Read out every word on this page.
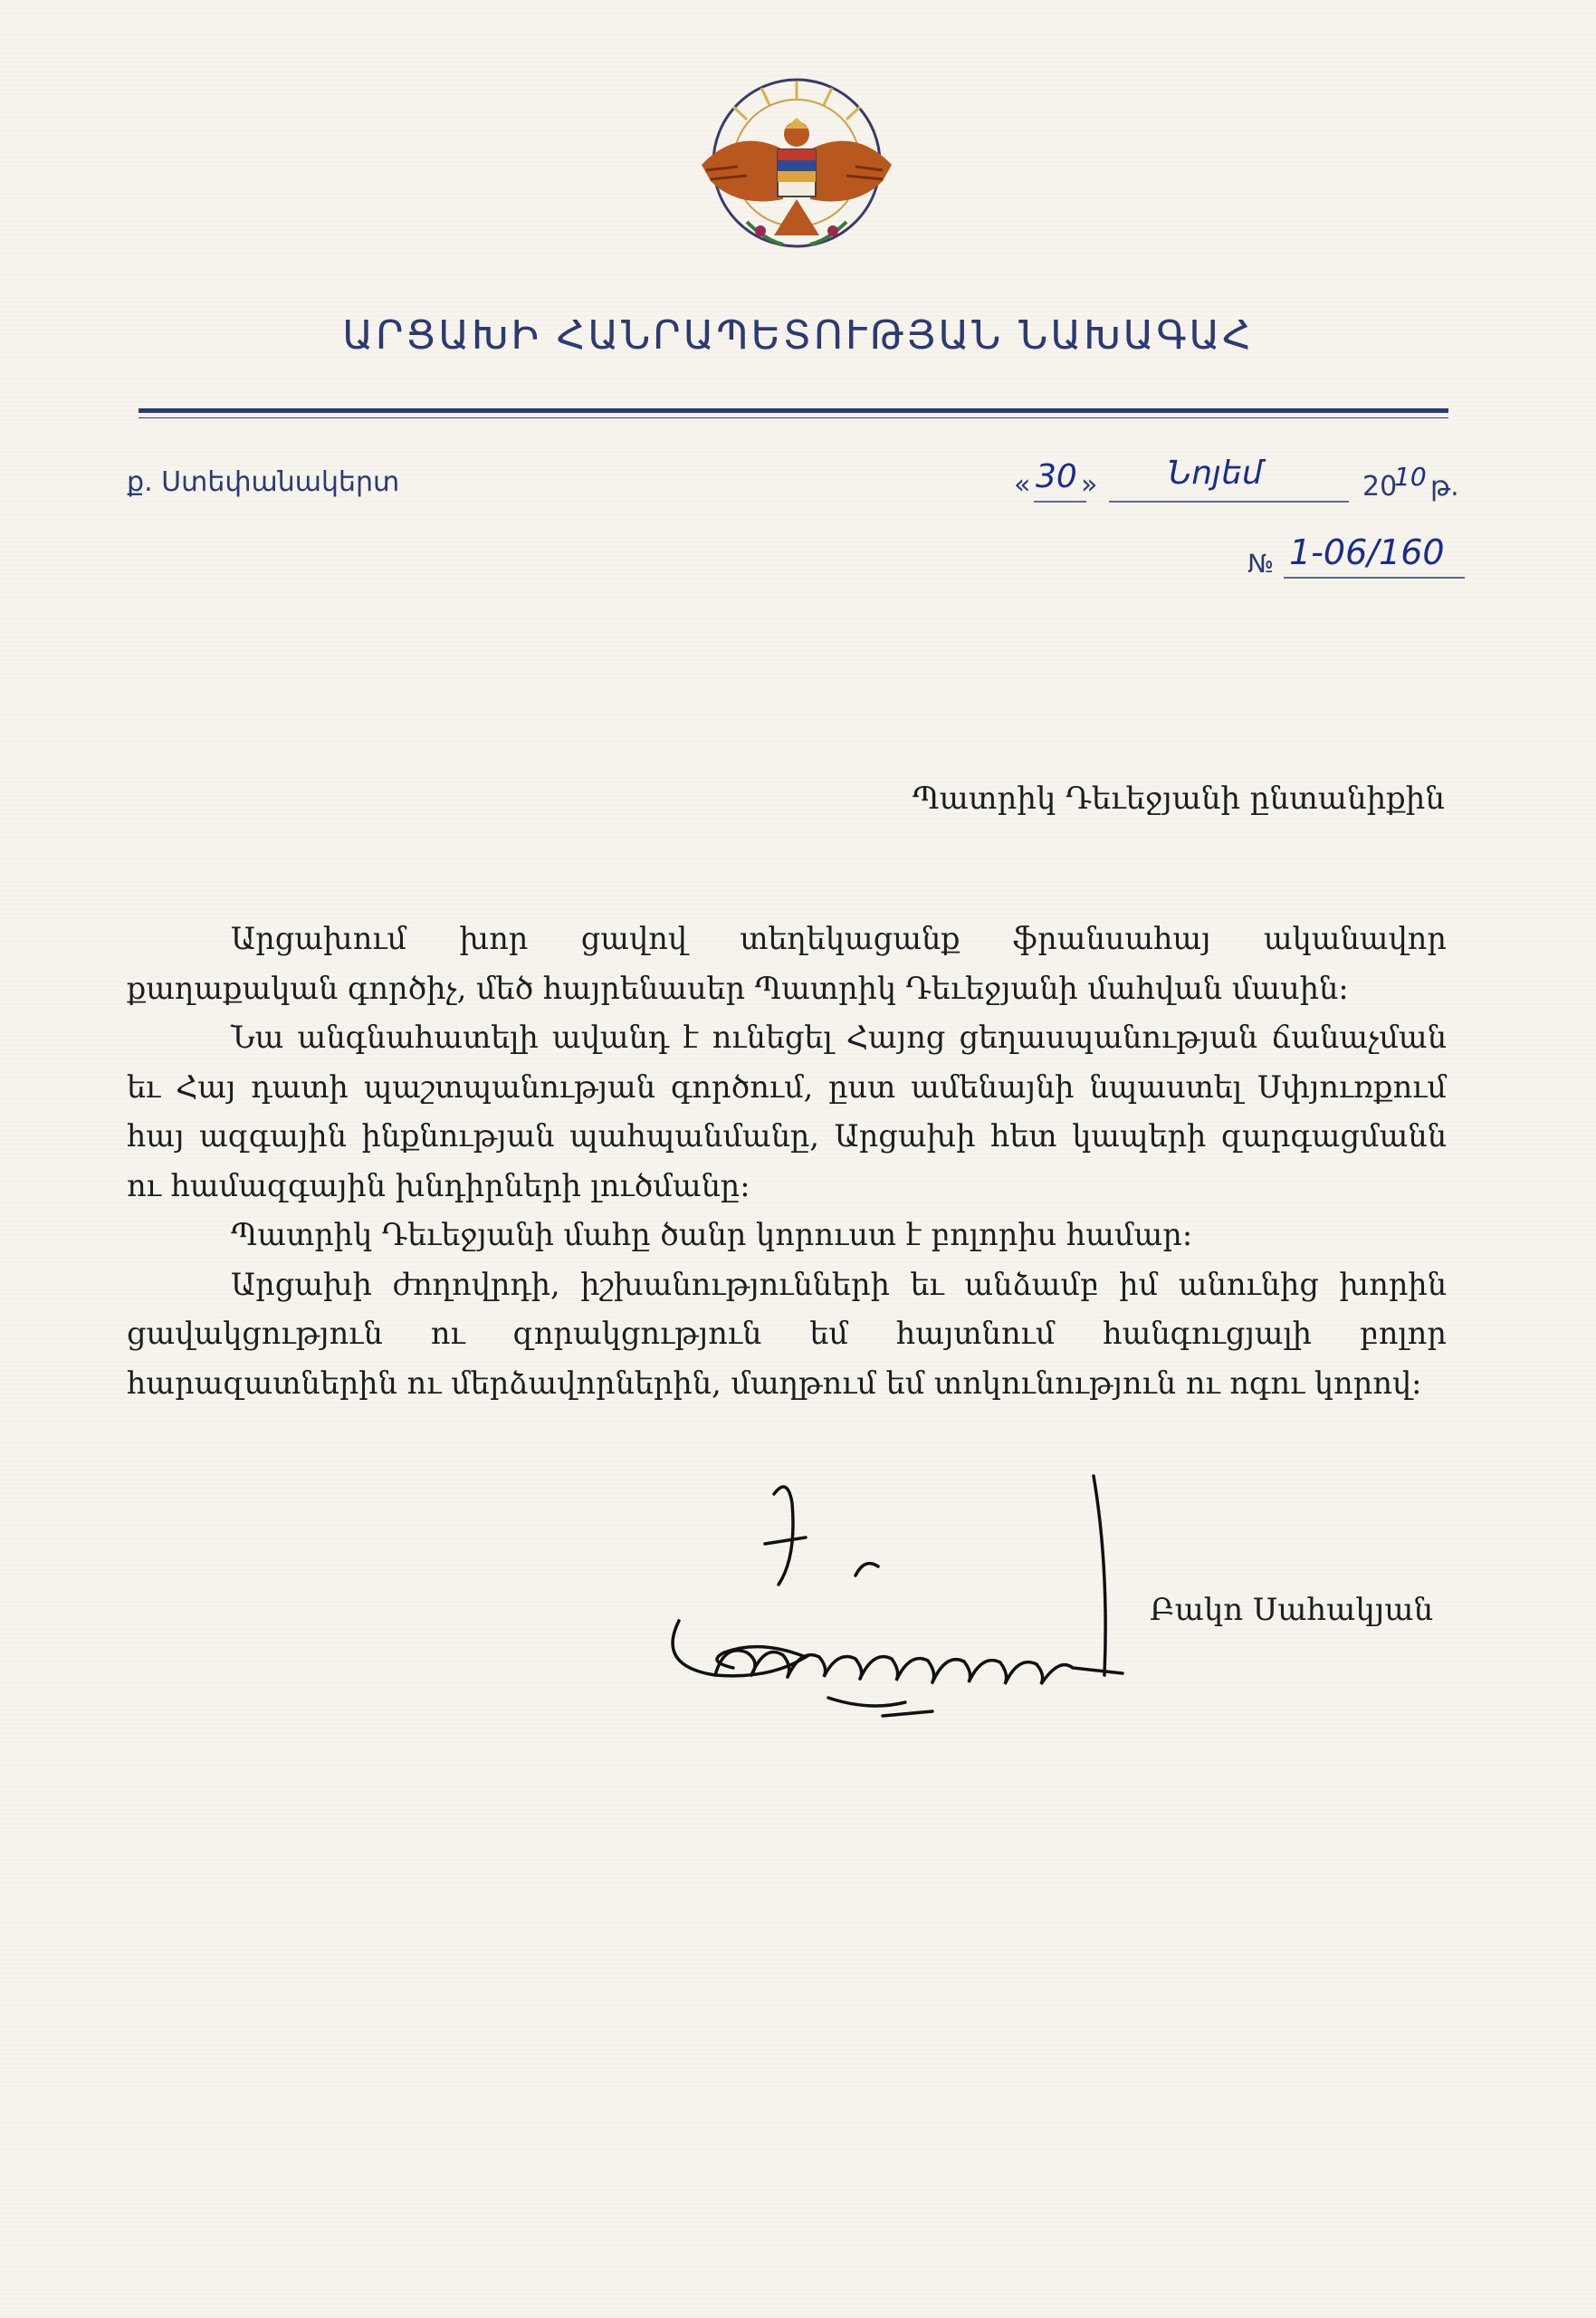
ԱՐՑԱԽԻ ՀԱՆՐԱՊԵՏՈՒԹՅԱՆ ՆԱԽԱԳԱՀ
ք. Ստեփանակերտ	« 30 » Նոյեմ	20
10 թ.
№ 1-06/160
Պատրիկ Դեւեջյանի ընտանիքին

Արցախում խոր ցավով տեղեկացանք ֆրանսահայ ականավոր քաղաքական գործիչ, մեծ հայրենասեր Պատրիկ Դեւեջյանի մահվան մասին:

Նա անգնահատելի ավանդ է ունեցել Հայոց ցեղասպանության ճանաչման եւ Հայ դատի պաշտպանության գործում, ըստ ամենայնի նպաստել Սփյուռքում հայ ազգային ինքնության պահպանմանը, Արցախի հետ կապերի զարգացմանն ու համազգային խնդիրների լուծմանը:

Պատրիկ Դեւեջյանի մահը ծանր կորուստ է բոլորիս համար:

Արցախի ժողովրդի, իշխանությունների եւ անձամբ իմ անունից խորին ցավակցություն ու զորակցություն եմ հայտնում հանգուցյալի բոլոր հարազատներին ու մերձավորներին, մաղթում եմ տոկունություն ու ոգու կորով:

Բակո Սահակյան
